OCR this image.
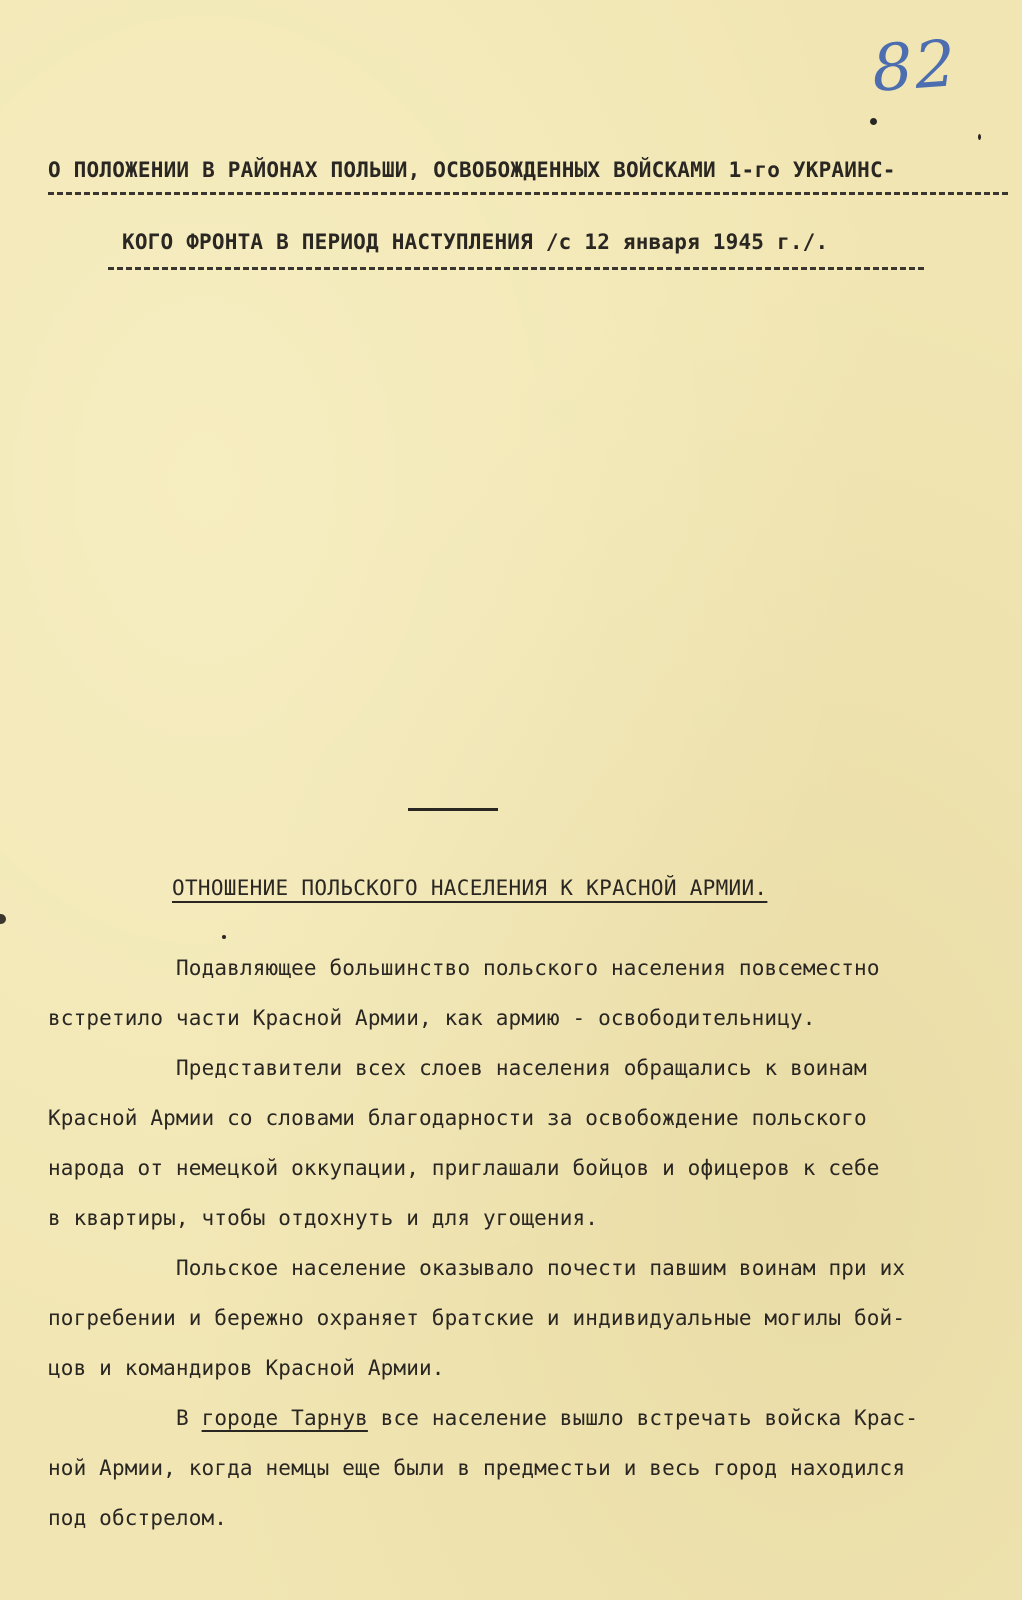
82
О ПОЛОЖЕНИИ В РАЙОНАХ ПОЛЬШИ, ОСВОБОЖДЕННЫХ ВОЙСКАМИ 1-го УКРАИНС-
КОГО ФРОНТА В ПЕРИОД НАСТУПЛЕНИЯ /с 12 января 1945 г./.
ОТНОШЕНИЕ ПОЛЬСКОГО НАСЕЛЕНИЯ К КРАСНОЙ АРМИИ.
Подавляющее большинство польского населения повсеместно
встретило части Красной Армии, как армию - освободительницу.
Представители всех слоев населения обращались к воинам
Красной Армии со словами благодарности за освобождение польского
народа от немецкой оккупации, приглашали бойцов и офицеров к себе
в квартиры, чтобы отдохнуть и для угощения.
Польское население оказывало почести павшим воинам при их
погребении и бережно охраняет братские и индивидуальные могилы бой-
цов и командиров Красной Армии.
В городе Тарнув все население вышло встречать войска Крас-
ной Армии, когда немцы еще были в предместьи и весь город находился
под обстрелом.
